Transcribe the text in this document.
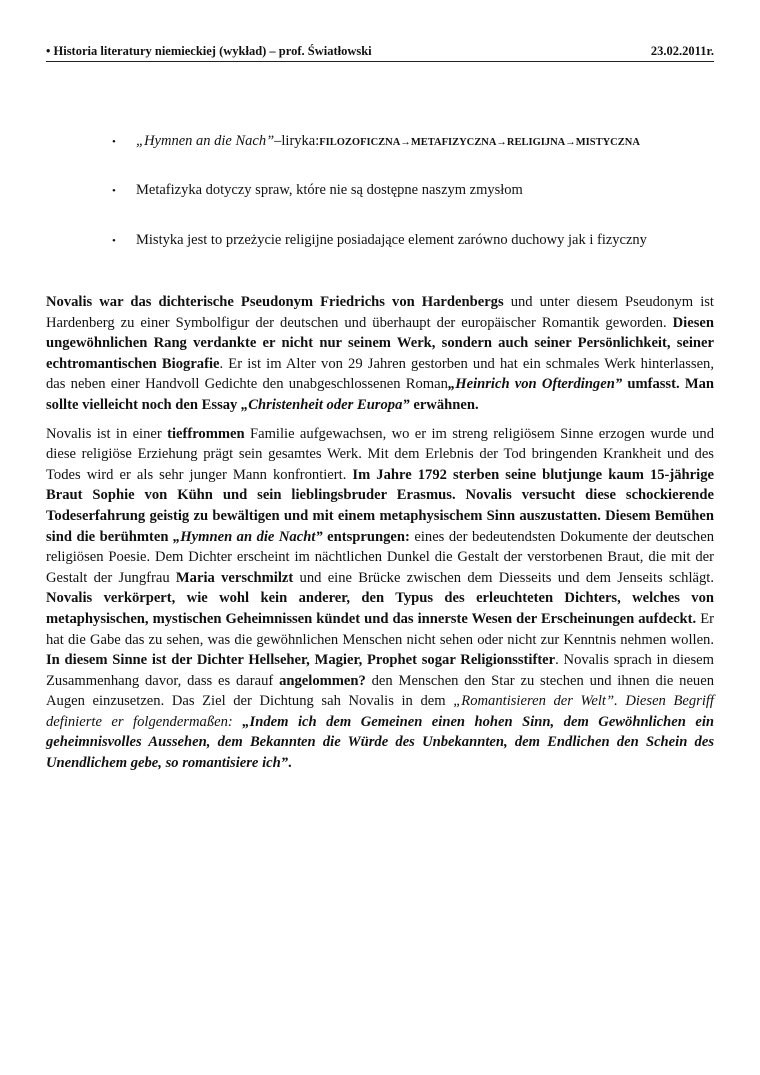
• Historia literatury niemieckiej (wykład) – prof. Światłowski	23.02.2011r.
•	„Hymnen an die Nach”–liryka:FILOZOFICZNA→METAFIZYCZNA→RELIGIJNA→MISTYCZNA
•	Metafizyka dotyczy spraw, które nie są dostępne naszym zmysłom
•	Mistyka jest to przeżycie religijne posiadające element zarówno duchowy jak i fizyczny

Novalis war das dichterische Pseudonym Friedrichs von Hardenbergs und unter diesem Pseudonym ist Hardenberg zu einer Symbolfigur der deutschen und überhaupt der europäischer Romantik geworden. Diesen ungewöhnlichen Rang verdankte er nicht nur seinem Werk, sondern auch seiner Persönlichkeit, seiner echtromantischen Biografie. Er ist im Alter von 29 Jahren gestorben und hat ein schmales Werk hinterlassen, das neben einer Handvoll Gedichte den unabgeschlossenen Roman„Heinrich von Ofterdingen” umfasst. Man sollte vielleicht noch den Essay „Christenheit oder Europa” erwähnen.

Novalis ist in einer tieffrommen Familie aufgewachsen, wo er im streng religiösem Sinne erzogen wurde und diese religiöse Erziehung prägt sein gesamtes Werk. Mit dem Erlebnis der Tod bringenden Krankheit und des Todes wird er als sehr junger Mann konfrontiert. Im Jahre 1792 sterben seine blutjunge kaum 15-jährige Braut Sophie von Kühn und sein lieblingsbruder Erasmus. Novalis versucht diese schockierende Todeserfahrung geistig zu bewältigen und mit einem metaphysischem Sinn auszustatten. Diesem Bemühen sind die berühmten „Hymnen an die Nacht” entsprungen: eines der bedeutendsten Dokumente der deutschen religiösen Poesie. Dem Dichter erscheint im nächtlichen Dunkel die Gestalt der verstorbenen Braut, die mit der Gestalt der Jungfrau Maria verschmilzt und eine Brücke zwischen dem Diesseits und dem Jenseits schlägt. Novalis verkörpert, wie wohl kein anderer, den Typus des erleuchteten Dichters, welches von metaphysischen, mystischen Geheimnissen kündet und das innerste Wesen der Erscheinungen aufdeckt. Er hat die Gabe das zu sehen, was die gewöhnlichen Menschen nicht sehen oder nicht zur Kenntnis nehmen wollen. In diesem Sinne ist der Dichter Hellseher, Magier, Prophet sogar Religionsstifter. Novalis sprach in diesem Zusammenhang davor, dass es darauf angelommen? den Menschen den Star zu stechen und ihnen die neuen Augen einzusetzen. Das Ziel der Dichtung sah Novalis in dem „Romantisieren der Welt”. Diesen Begriff definierte er folgendermaßen: „Indem ich dem Gemeinen einen hohen Sinn, dem Gewöhnlichen ein geheimnisvolles Aussehen, dem Bekannten die Würde des Unbekannten, dem Endlichen den Schein des Unendlichem gebe, so romantisiere ich”.
